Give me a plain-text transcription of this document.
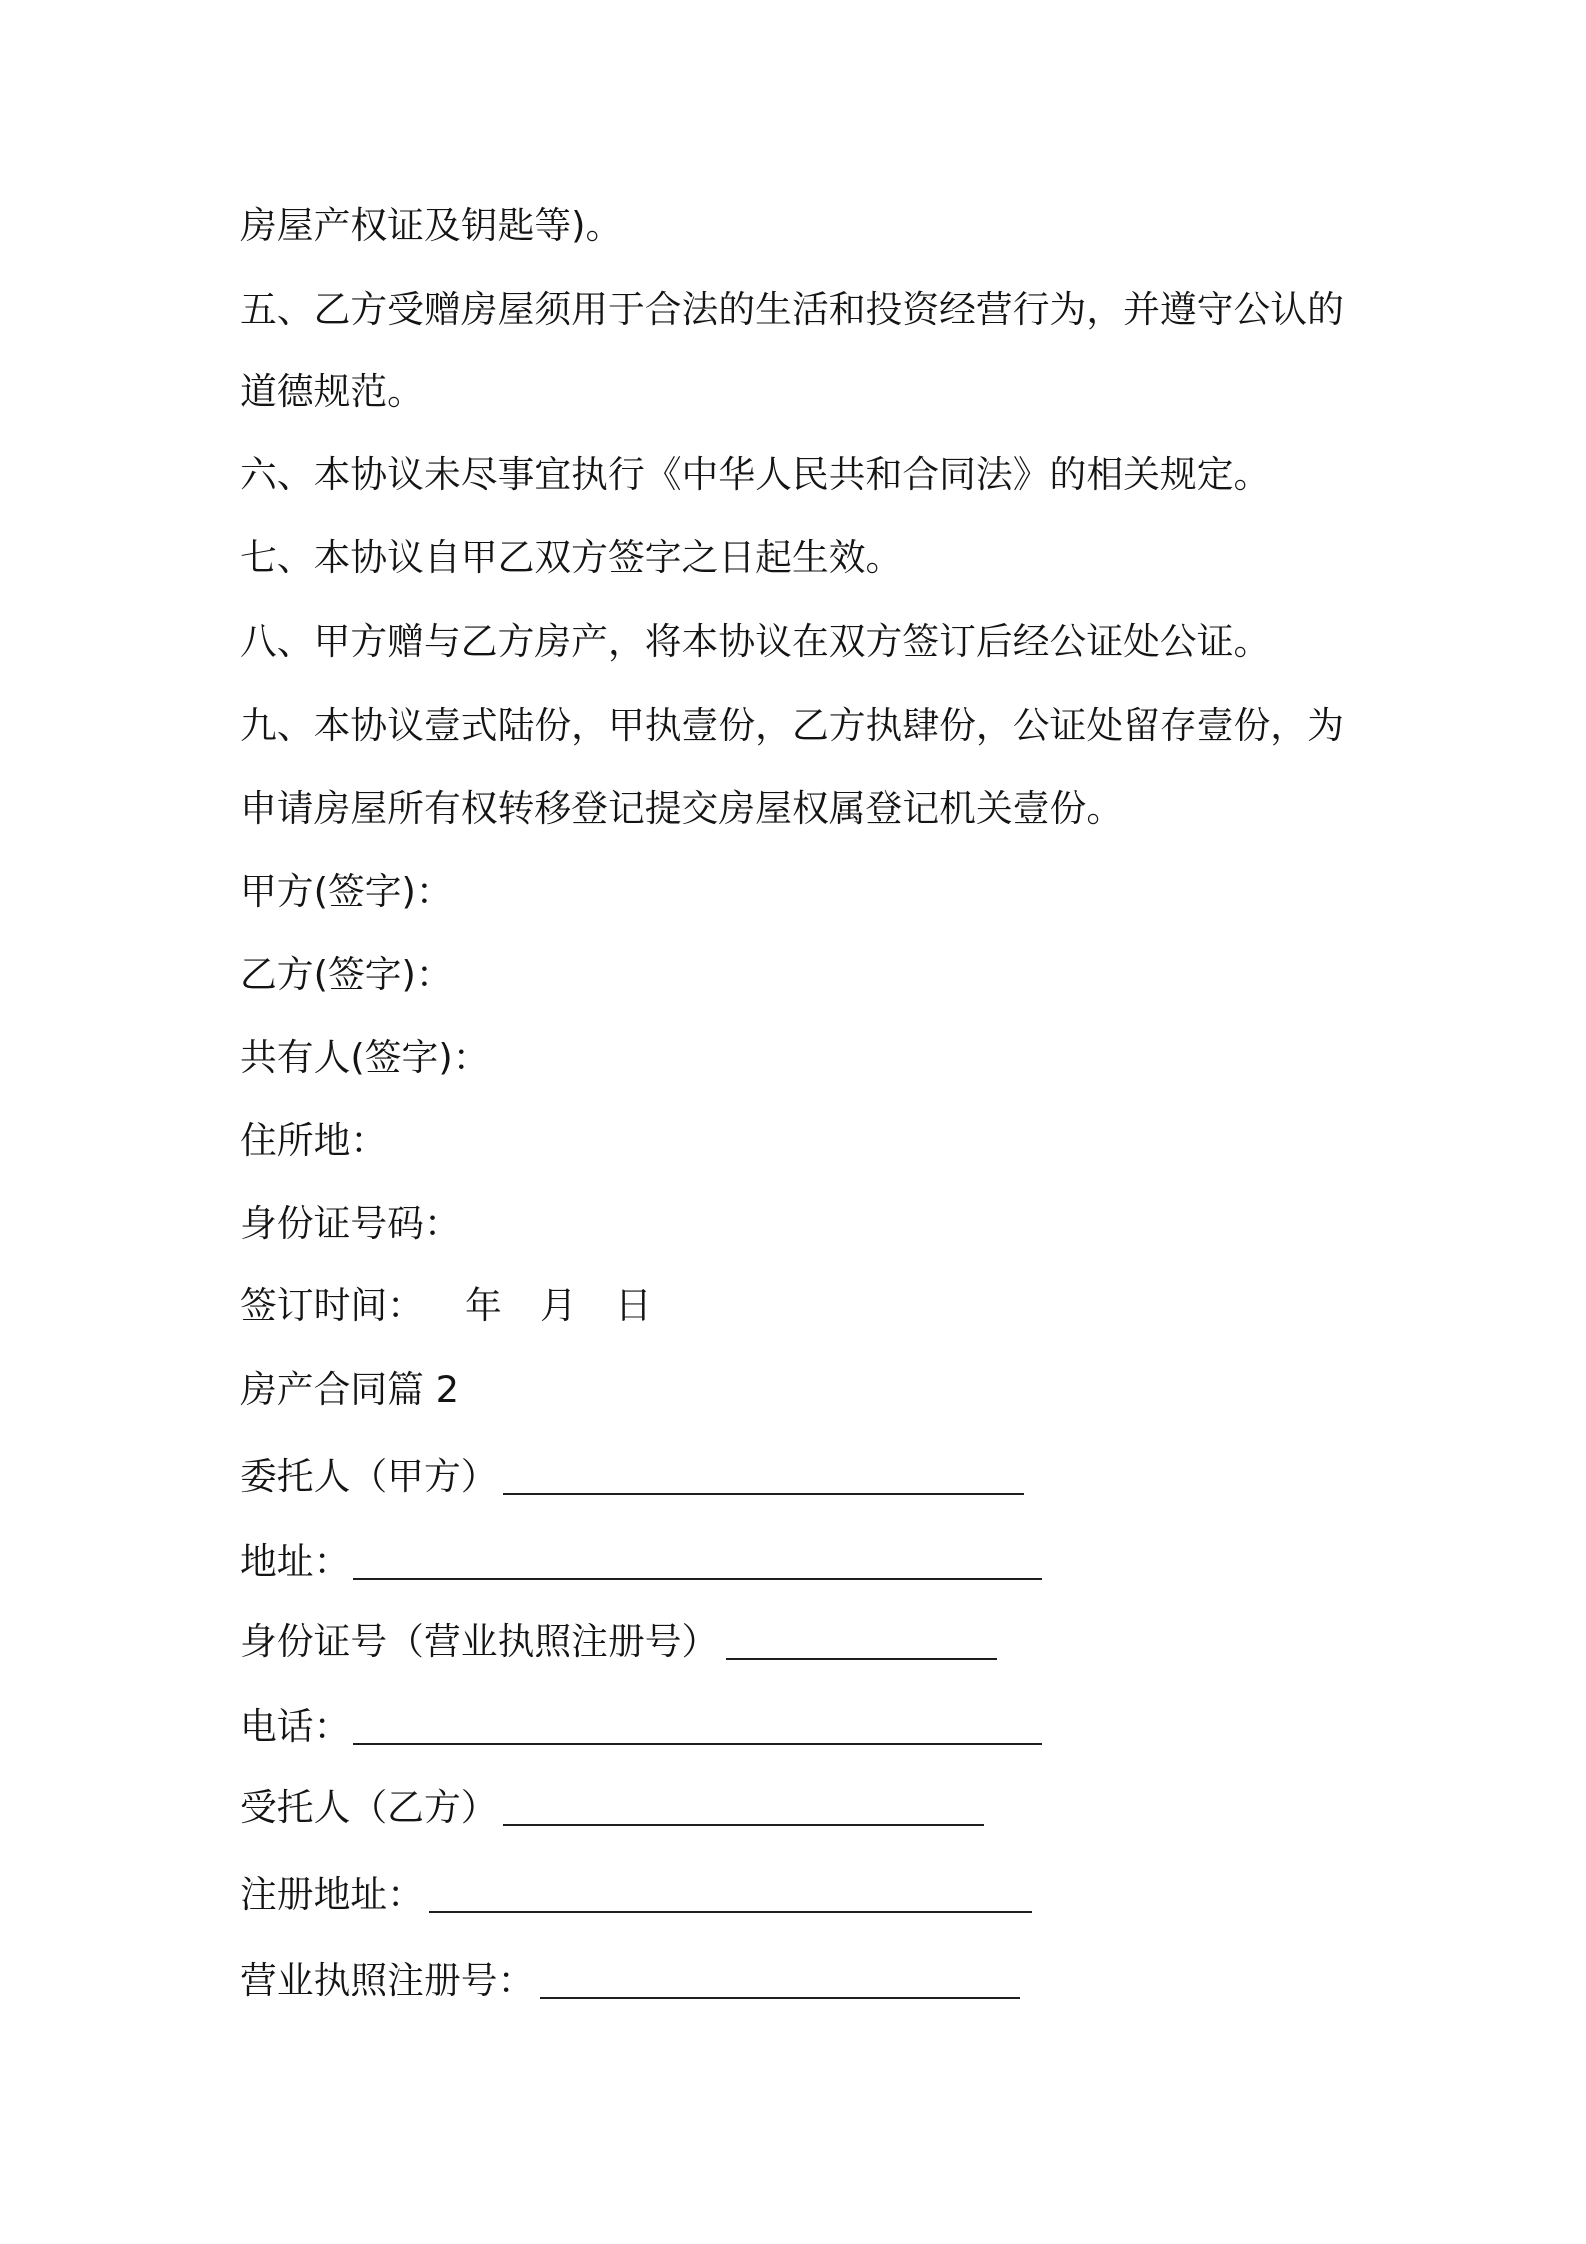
房屋产权证及钥匙等)。
五、乙方受赠房屋须用于合法的生活和投资经营行为，并遵守公认的
道德规范。
六、本协议未尽事宜执行《中华人民共和合同法》的相关规定。
七、本协议自甲乙双方签字之日起生效。
八、甲方赠与乙方房产，将本协议在双方签订后经公证处公证。
九、本协议壹式陆份，甲执壹份，乙方执肆份，公证处留存壹份，为
申请房屋所有权转移登记提交房屋权属登记机关壹份。
甲方(签字)：
乙方(签字)：
共有人(签字)：
住所地：
身份证号码：
签订时间： 年 月 日
房产合同篇 2
委托人（甲方）
地址：
身份证号（营业执照注册号）
电话：
受托人（乙方）
注册地址：
营业执照注册号：
